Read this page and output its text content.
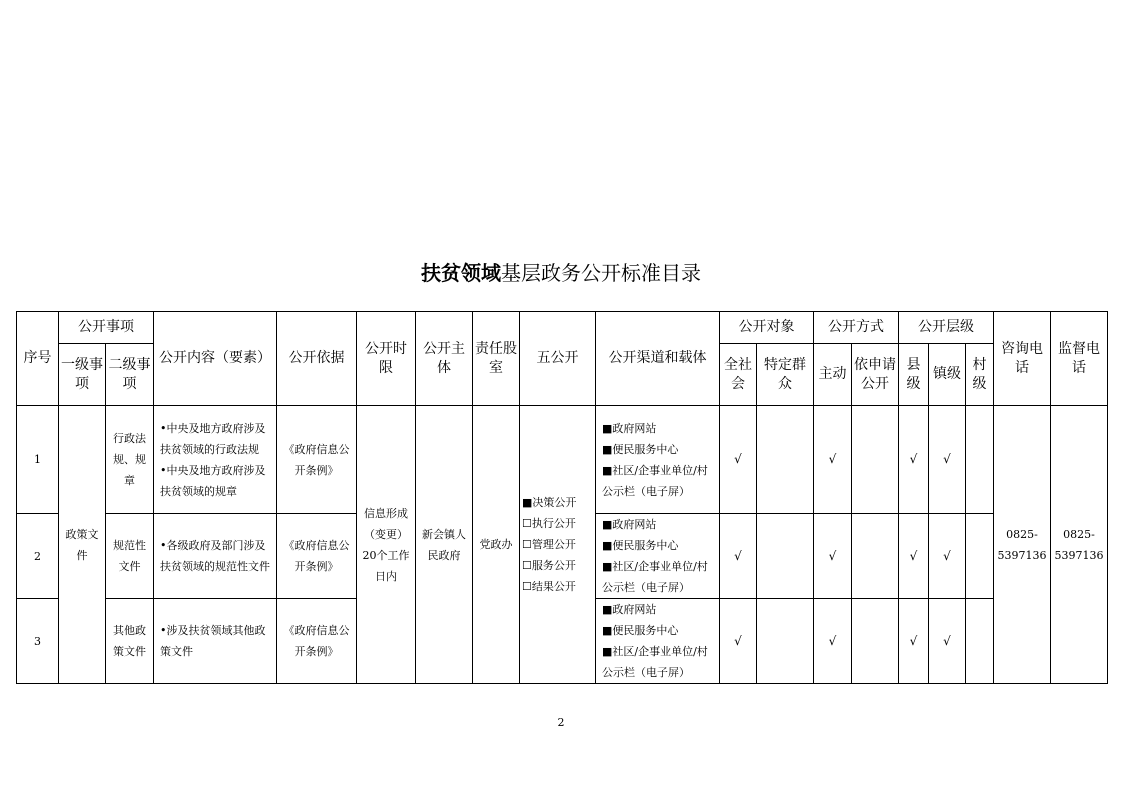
扶贫领域基层政务公开标准目录
序号	公开事项		公开内容（要素）	公开依据	公开时限	公开主体	责任股室	五公开	公开渠道和载体	公开对象		公开方式		公开层级			咨询电话	监督电话
	一级事项	二级事项								全社会	特定群众	主动	依申请公开	县级	镇级	村级		
1	政策文件	行政法规、规章	•中央及地方政府涉及扶贫领域的行政法规
•中央及地方政府涉及扶贫领域的规章	《政府信息公开条例》	信息形成（变更）20个工作日内	新会镇人民政府	党政办	■决策公开
☐执行公开
☐管理公开
☐服务公开
☐结果公开	■政府网站
■便民服务中心
■社区/企事业单位/村公示栏（电子屏）	√		√		√	√		0825-5397136	0825-5397136
2		规范性文件	•各级政府及部门涉及扶贫领域的规范性文件	《政府信息公开条例》					■政府网站
■便民服务中心
■社区/企事业单位/村公示栏（电子屏）	√		√		√	√			
3		其他政策文件	•涉及扶贫领域其他政策文件	《政府信息公开条例》					■政府网站
■便民服务中心
■社区/企事业单位/村公示栏（电子屏）	√		√		√	√			
2
